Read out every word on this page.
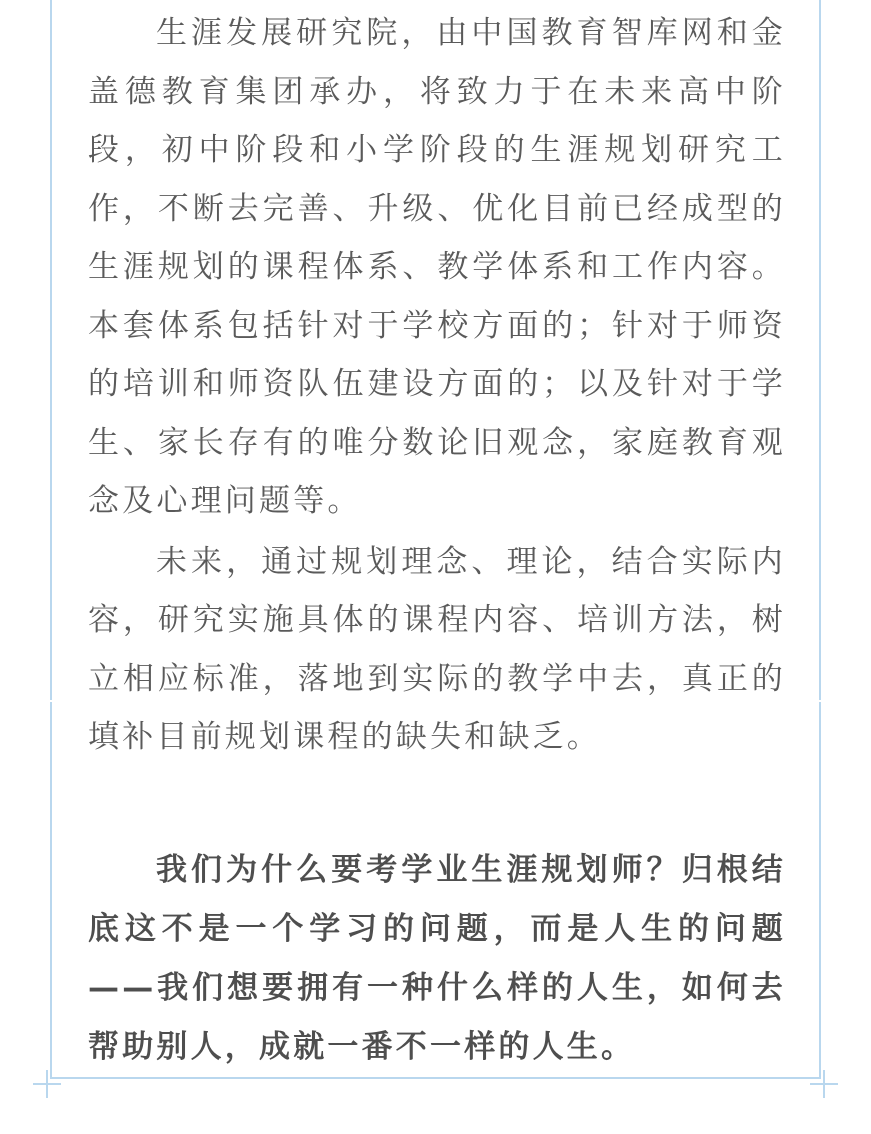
生涯发展研究院，由中国教育智库网和金盖德教育集团承办，将致力于在未来高中阶段，初中阶段和小学阶段的生涯规划研究工作，不断去完善、升级、优化目前已经成型的生涯规划的课程体系、教学体系和工作内容。本套体系包括针对于学校方面的；针对于师资的培训和师资队伍建设方面的；以及针对于学生、家长存有的唯分数论旧观念，家庭教育观念及心理问题等。

未来，通过规划理念、理论，结合实际内容，研究实施具体的课程内容、培训方法，树立相应标准，落地到实际的教学中去，真正的填补目前规划课程的缺失和缺乏。

我们为什么要考学业生涯规划师？归根结底这不是一个学习的问题，而是人生的问题——我们想要拥有一种什么样的人生，如何去帮助别人，成就一番不一样的人生。
